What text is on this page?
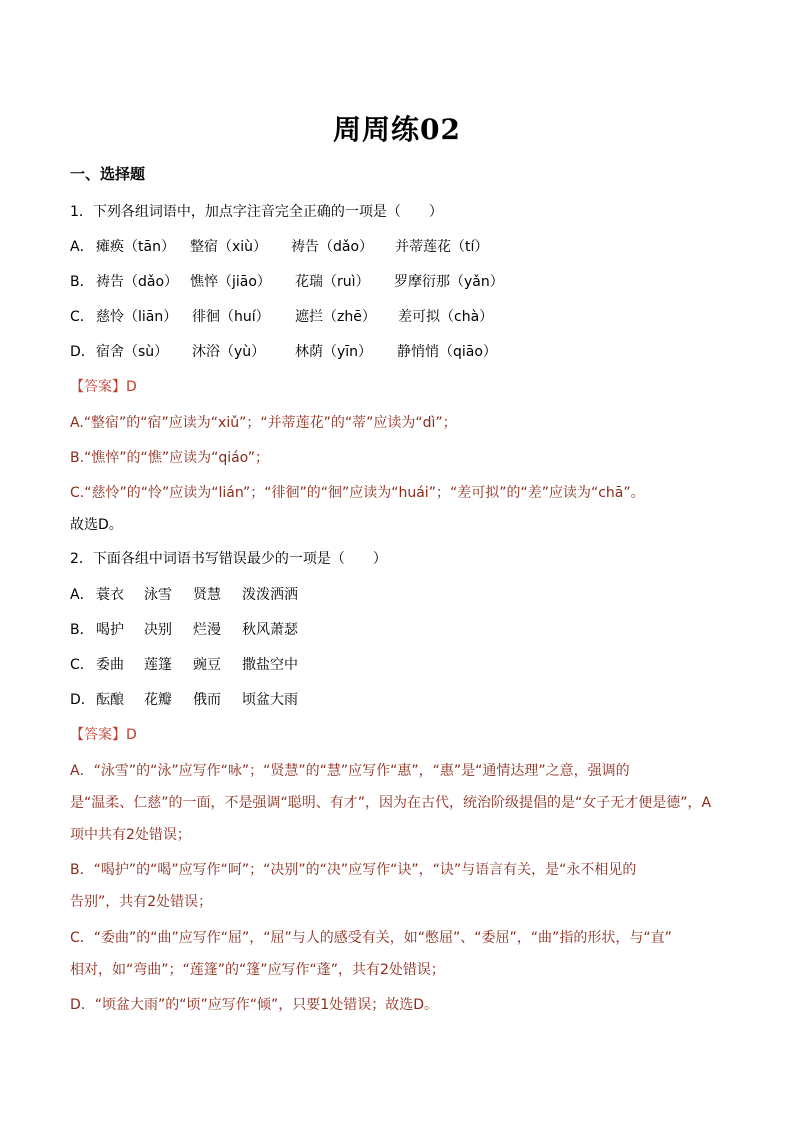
周周练02
一、选择题
1．下列各组词语中，加点字注音完全正确的一项是（　　）
A． 瘫痪（tān） 整宿（xiù） 祷告（dǎo） 并蒂莲花（tí）
B． 祷告（dǎo） 憔悴（jiāo） 花瑞（ruì） 罗摩衍那（yǎn）
C． 慈怜（liān） 徘徊（huí） 遮拦（zhē） 差可拟（chà）
D． 宿舍（sù） 沐浴（yù） 林荫（yīn） 静悄悄（qiāo）
【答案】D
A.“整宿”的“宿”应读为“xiǔ”；“并蒂莲花”的“蒂”应读为“dì”；
B.“憔悴”的“憔”应读为“qiáo”；
C.“慈怜”的“怜”应读为“lián”；“徘徊”的“徊”应读为“huái”；“差可拟”的“差”应读为“chā”。
故选D。
2．下面各组中词语书写错误最少的一项是（　　）
A． 蓑衣 泳雪 贤慧 泼泼洒洒
B． 喝护 决别 烂漫 秋风萧瑟
C． 委曲 莲篷 豌豆 撒盐空中
D． 酝酿 花瓣 俄而 顷盆大雨
【答案】D
A．“泳雪”的“泳”应写作“咏”；“贤慧”的“慧”应写作“惠”，“惠”是“通情达理”之意，强调的
是“温柔、仁慈”的一面，不是强调“聪明、有才”，因为在古代，统治阶级提倡的是“女子无才便是德”，A
项中共有2处错误；
B．“喝护”的“喝”应写作“呵”；“决别”的“决”应写作“诀”，“诀”与语言有关，是“永不相见的
告别”，共有2处错误；
C．“委曲”的“曲”应写作“屈”，“屈”与人的感受有关，如“憋屈”、“委屈”，“曲”指的形状，与“直”
相对，如“弯曲”；“莲篷”的“篷”应写作“蓬”，共有2处错误；
D．“顷盆大雨”的“顷”应写作“倾”，只要1处错误；故选D。
